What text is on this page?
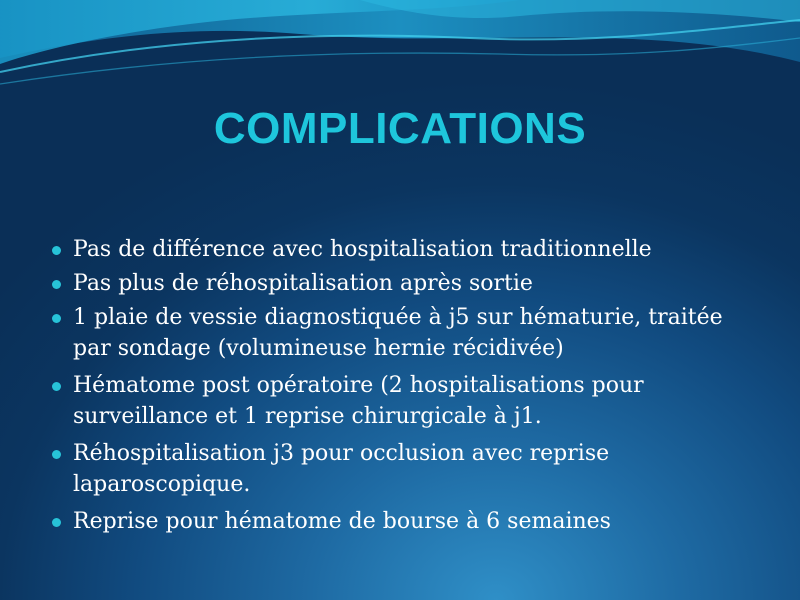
COMPLICATIONS
Pas de différence avec hospitalisation traditionnelle
Pas plus de réhospitalisation après sortie
1 plaie de vessie diagnostiquée à j5 sur hématurie, traitée par sondage (volumineuse hernie récidivée)
Hématome post opératoire (2 hospitalisations pour surveillance et 1 reprise chirurgicale à j1.
Réhospitalisation j3 pour occlusion avec reprise laparoscopique.
Reprise pour hématome de bourse à 6 semaines
